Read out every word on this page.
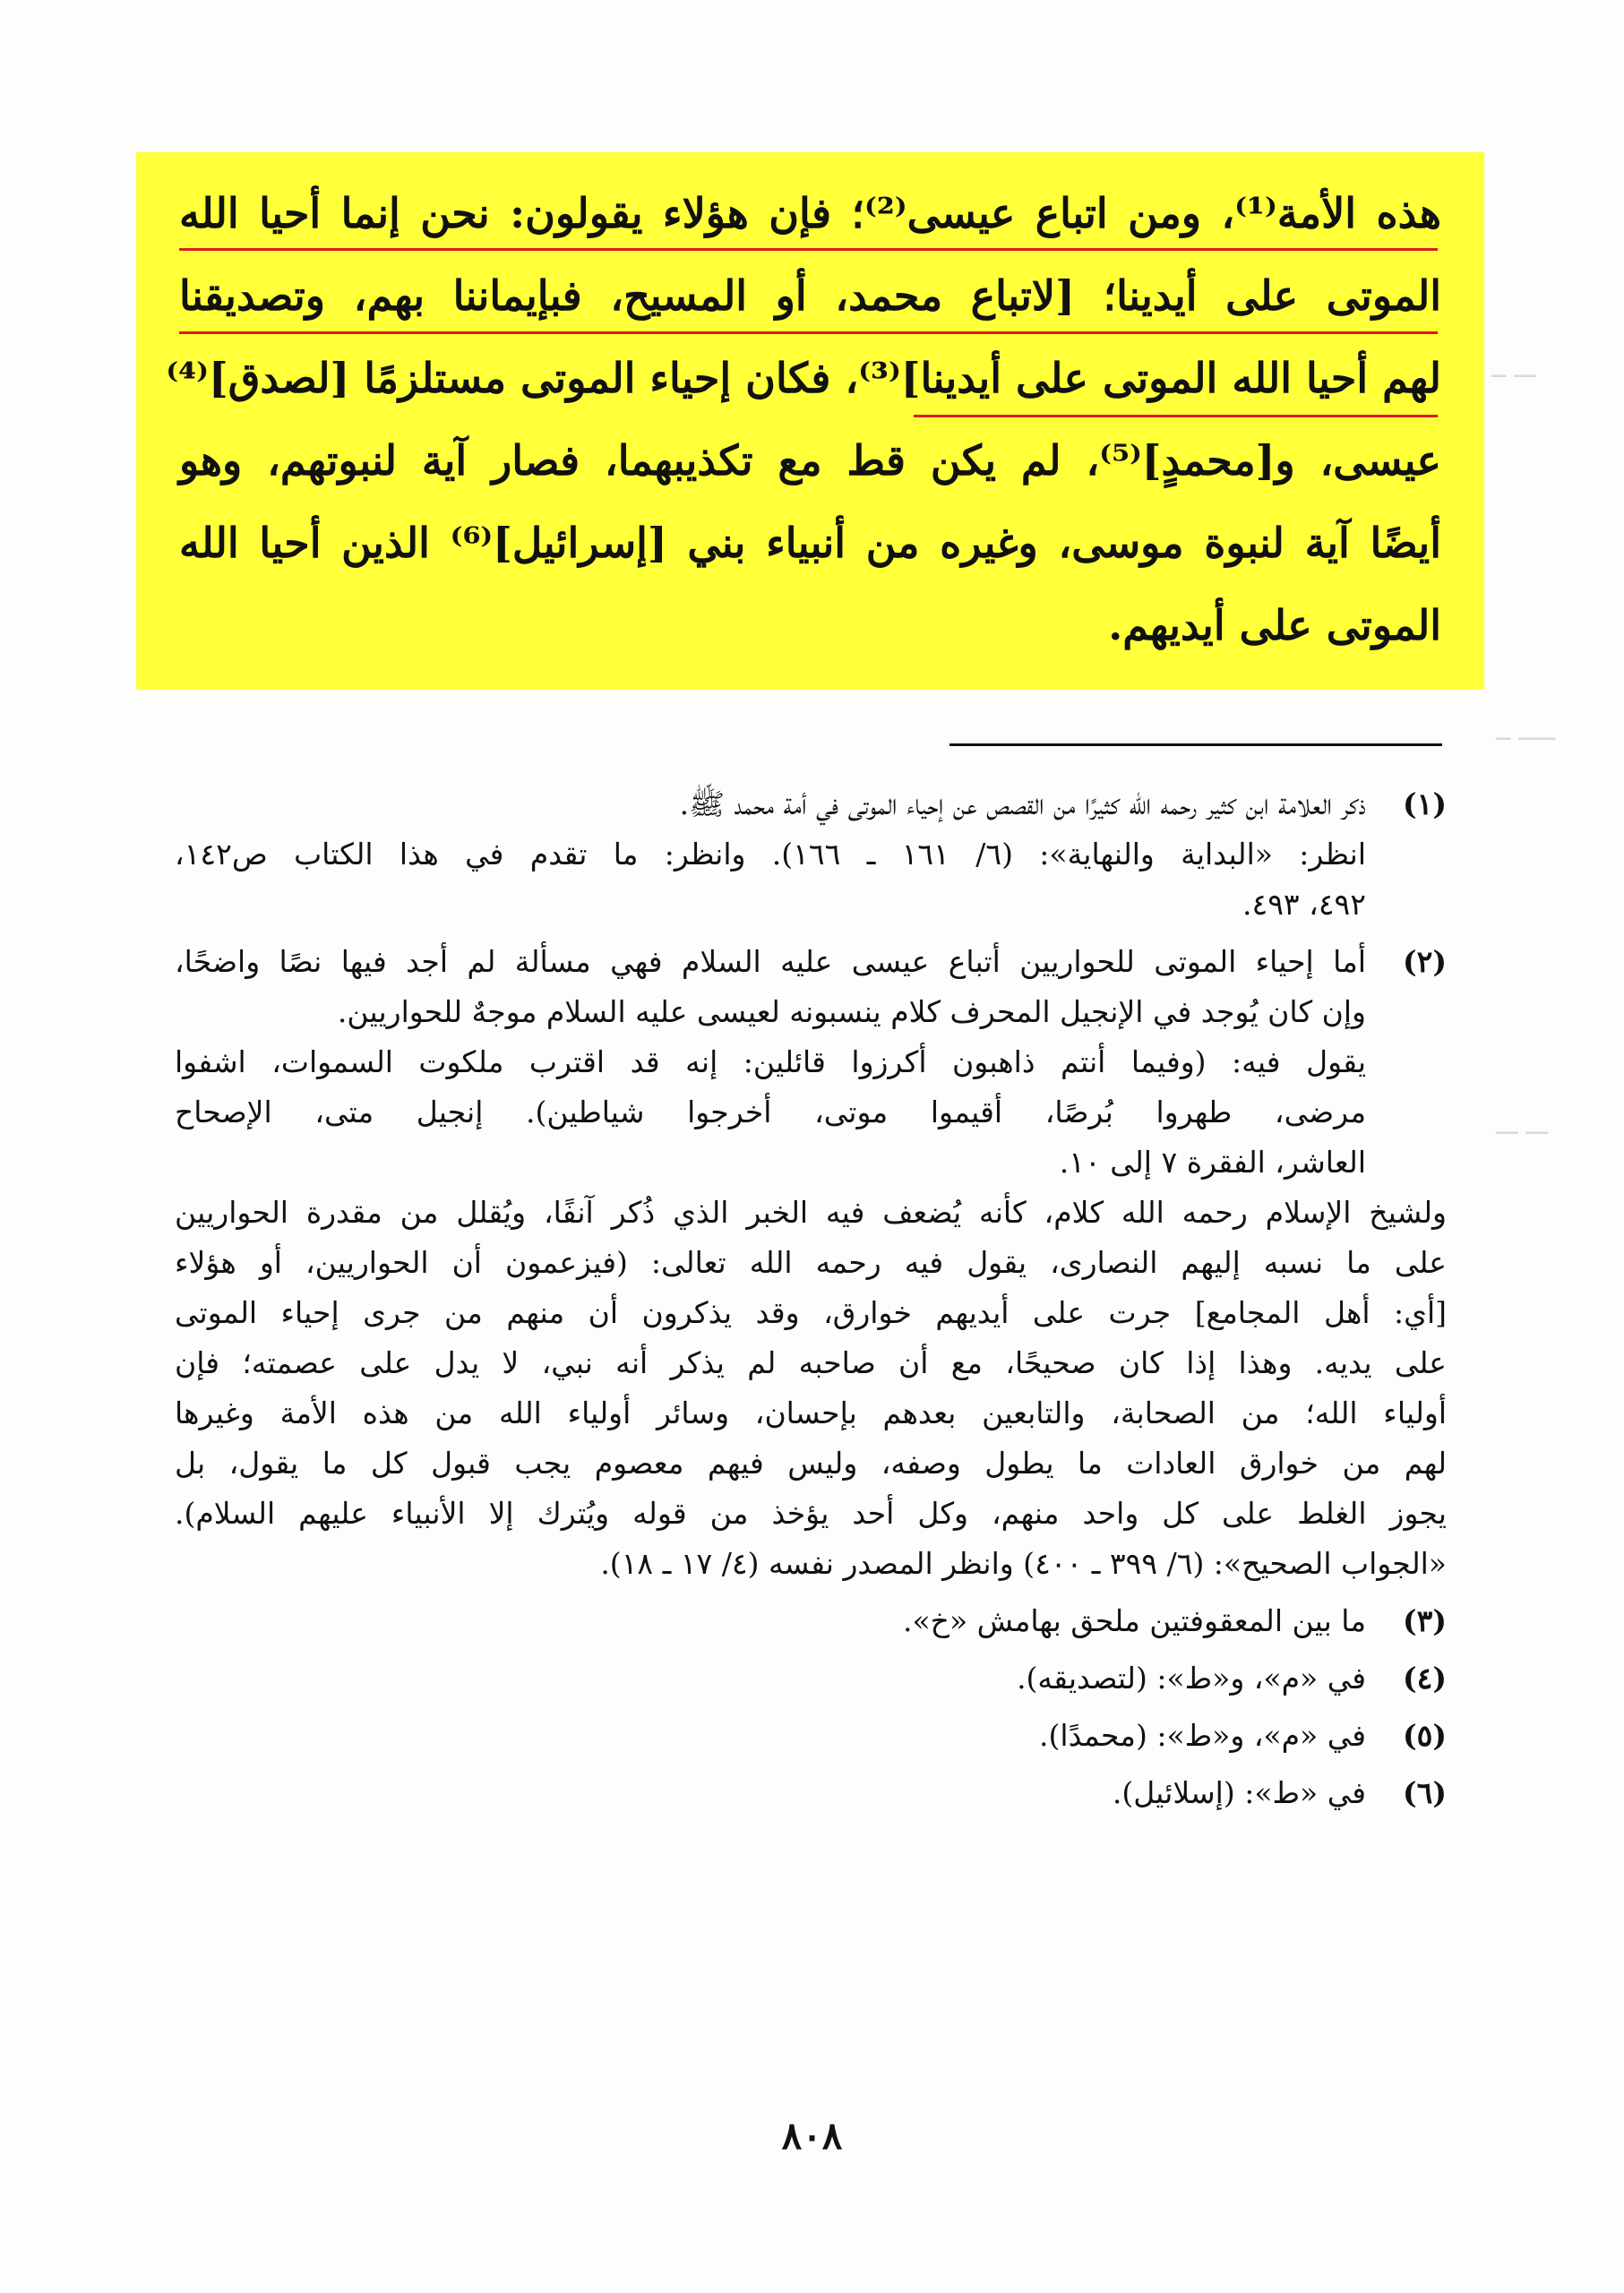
ـــ ــ
ـــــ ــ
ـــ ـــ
هذه الأمة⁽¹⁾، ومن اتباع عيسى⁽²⁾؛ فإن هؤلاء يقولون: نحن إنما أحيا الله
الموتى على أيدينا؛ [لاتباع محمد، أو المسيح، فبإيماننا بهم، وتصديقنا
لهم أحيا الله الموتى على أيدينا]⁽³⁾، فكان إحياء الموتى مستلزمًا [لصدق]⁽⁴⁾
عيسى، و[محمدٍ]⁽⁵⁾، لم يكن قط مع تكذيبهما، فصار آية لنبوتهم، وهو
أيضًا آية لنبوة موسى، وغيره من أنبياء بني [إسرائيل]⁽⁶⁾ الذين أحيا الله
الموتى على أيديهم.
(١)
ذكر العلامة ابن كثير رحمه الله كثيرًا من القصص عن إحياء الموتى في أمة محمد ﷺ.
انظر: «البداية والنهاية»: (٦/ ١٦١ ـ ١٦٦). وانظر: ما تقدم في هذا الكتاب ص١٤٢،
٤٩٢، ٤٩٣.
(٢)
أما إحياء الموتى للحواريين أتباع عيسى عليه السلام فهي مسألة لم أجد فيها نصًا واضحًا،
وإن كان يُوجد في الإنجيل المحرف كلام ينسبونه لعيسى عليه السلام موجهٌ للحواريين.
يقول فيه: (وفيما أنتم ذاهبون أكرزوا قائلين: إنه قد اقترب ملكوت السموات، اشفوا
مرضى، طهروا بُرصًا، أقيموا موتى، أخرجوا شياطين). إنجيل متى، الإصحاح
العاشر، الفقرة ٧ إلى ١٠.
ولشيخ الإسلام رحمه الله كلام، كأنه يُضعف فيه الخبر الذي ذُكر آنفًا، ويُقلل من مقدرة الحواريين
على ما نسبه إليهم النصارى، يقول فيه رحمه الله تعالى: (فيزعمون أن الحواريين، أو هؤلاء
[أي: أهل المجامع] جرت على أيديهم خوارق، وقد يذكرون أن منهم من جرى إحياء الموتى
على يديه. وهذا إذا كان صحيحًا، مع أن صاحبه لم يذكر أنه نبي، لا يدل على عصمته؛ فإن
أولياء الله؛ من الصحابة، والتابعين بعدهم بإحسان، وسائر أولياء الله من هذه الأمة وغيرها
لهم من خوارق العادات ما يطول وصفه، وليس فيهم معصوم يجب قبول كل ما يقول، بل
يجوز الغلط على كل واحد منهم، وكل أحد يؤخذ من قوله ويُترك إلا الأنبياء عليهم السلام).
«الجواب الصحيح»: (٦/ ٣٩٩ ـ ٤٠٠) وانظر المصدر نفسه (٤/ ١٧ ـ ١٨).
(٣)
ما بين المعقوفتين ملحق بهامش «خ».
(٤)
في «م»، و«ط»: (لتصديقه).
(٥)
في «م»، و«ط»: (محمدًا).
(٦)
في «ط»: (إسلائيل).
٨٠٨
